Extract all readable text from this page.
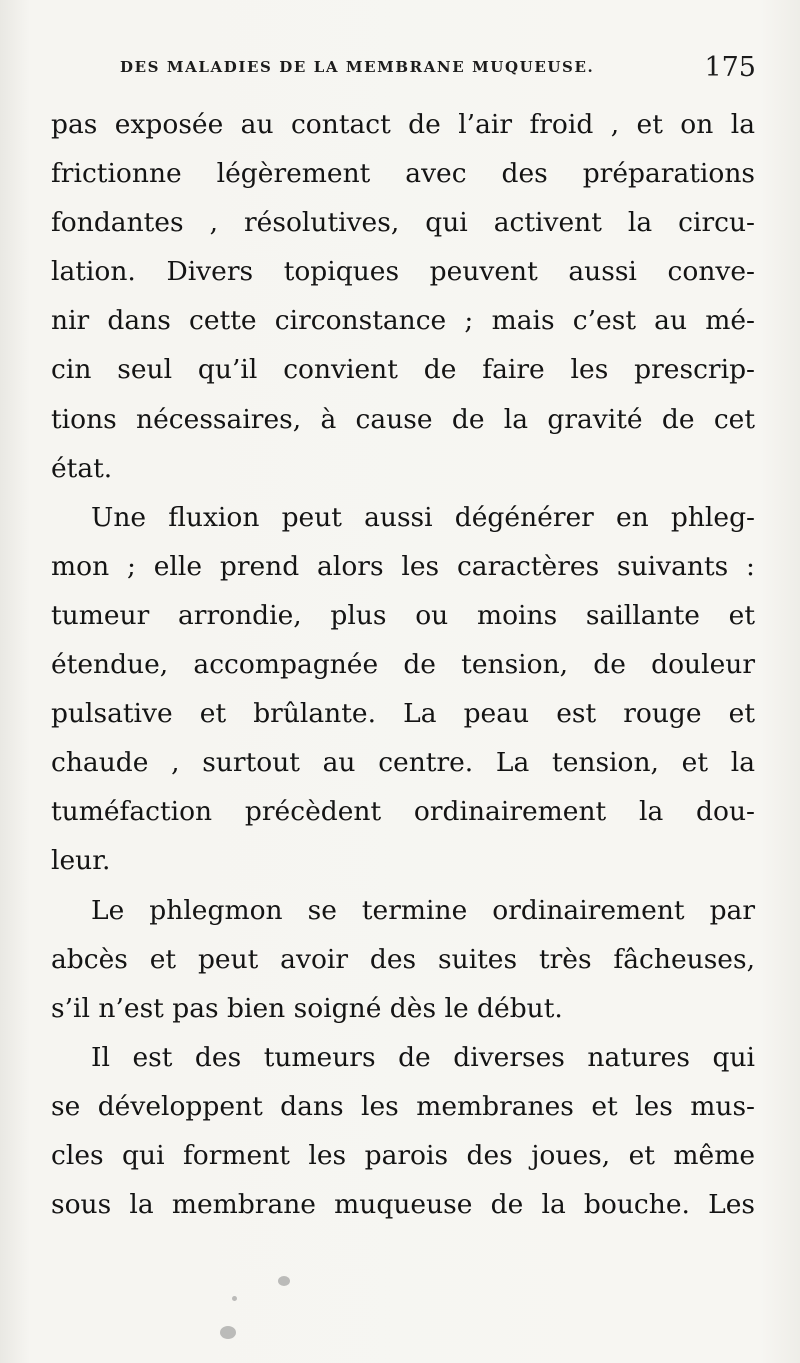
DES MALADIES DE LA MEMBRANE MUQUEUSE.	175
pas exposée au contact de l’air froid , et on la
frictionne légèrement avec des préparations
fondantes , résolutives, qui activent la circu-
lation. Divers topiques peuvent aussi conve-
nir dans cette circonstance ; mais c’est au mé-
cin seul qu’il convient de faire les prescrip-
tions nécessaires, à cause de la gravité de cet
état.
Une fluxion peut aussi dégénérer en phleg-
mon ; elle prend alors les caractères suivants :
tumeur arrondie, plus ou moins saillante et
étendue, accompagnée de tension, de douleur
pulsative et brûlante. La peau est rouge et
chaude , surtout au centre. La tension, et la
tuméfaction précèdent ordinairement la dou-
leur.
Le phlegmon se termine ordinairement par
abcès et peut avoir des suites très fâcheuses,
s’il n’est pas bien soigné dès le début.
Il est des tumeurs de diverses natures qui
se développent dans les membranes et les mus-
cles qui forment les parois des joues, et même
sous la membrane muqueuse de la bouche. Les
